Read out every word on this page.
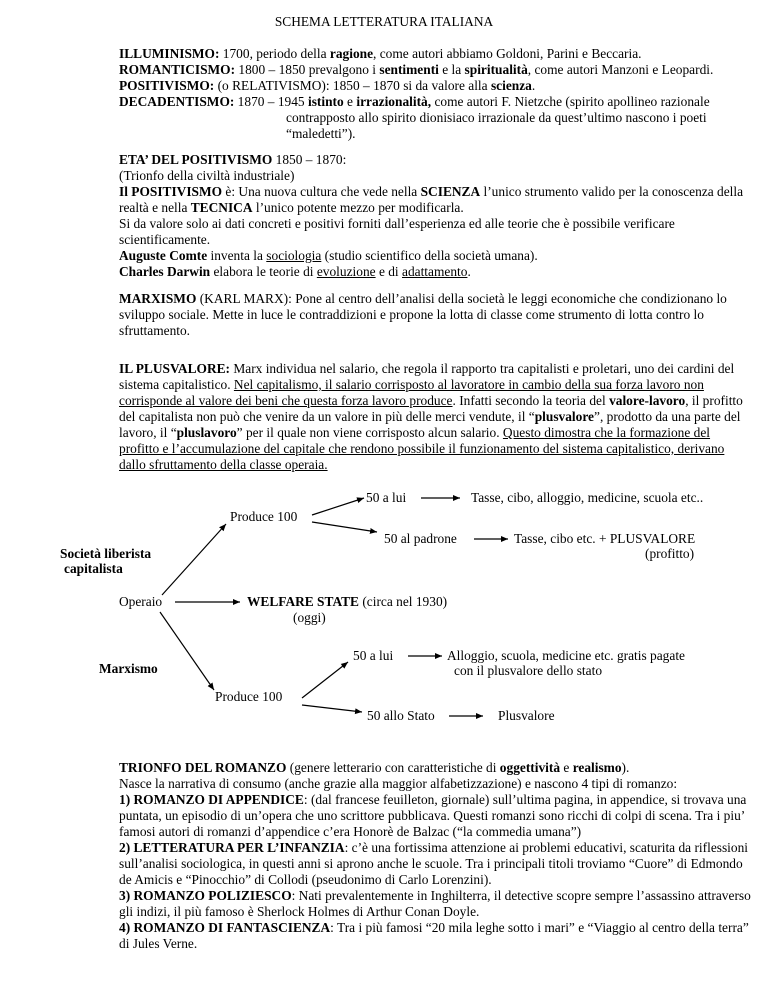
SCHEMA LETTERATURA ITALIANA

ILLUMINISMO: 1700, periodo della ragione, come autori abbiamo Goldoni, Parini e Beccaria.

ROMANTICISMO: 1800 – 1850 prevalgono i sentimenti e la spiritualità, come autori Manzoni e Leopardi.

POSITIVISMO: (o RELATIVISMO): 1850 – 1870 si da valore alla scienza.

DECADENTISMO: 1870 – 1945 istinto e irrazionalità, come autori F. Nietzche (spirito apollineo razionale

contrapposto allo spirito dionisiaco irrazionale da quest’ultimo nascono i poeti “maledetti”).

ETA’ DEL POSITIVISMO 1850 – 1870:

(Trionfo della civiltà industriale)

Il POSITIVISMO è: Una nuova cultura che vede nella SCIENZA l’unico strumento valido per la conoscenza della realtà e nella TECNICA l’unico potente mezzo per modificarla.

Si da valore solo ai dati concreti e positivi forniti dall’esperienza ed alle teorie che è possibile verificare scientificamente.

Auguste Comte inventa la sociologia (studio scientifico della società umana).

Charles Darwin elabora le teorie di evoluzione e di adattamento.

MARXISMO (KARL MARX): Pone al centro dell’analisi della società le leggi economiche che condizionano lo sviluppo sociale. Mette in luce le contraddizioni e propone la lotta di classe come strumento di lotta contro lo sfruttamento.

IL PLUSVALORE: Marx individua nel salario, che regola il rapporto tra capitalisti e proletari, uno dei cardini del sistema capitalistico. Nel capitalismo, il salario corrisposto al lavoratore in cambio della sua forza lavoro non corrisponde al valore dei beni che questa forza lavoro produce. Infatti secondo la teoria del valore-lavoro, il profitto del capitalista non può che venire da un valore in più delle merci vendute, il “plusvalore”, prodotto da una parte del lavoro, il “pluslavoro” per il quale non viene corrisposto alcun salario. Questo dimostra che la formazione del profitto e l’accumulazione del capitale che rendono possibile il funzionamento del sistema capitalistico, derivano dallo sfruttamento della classe operaia.

Produce 100
50 a lui	Tasse, cibo, alloggio, medicine, scuola etc..
50 al padrone	Tasse, cibo etc. + PLUSVALORE
(profitto)
Società liberista
capitalista
Operaio	WELFARE STATE (circa nel 1930)
(oggi)
Marxismo
50 a lui	Alloggio, scuola, medicine etc. gratis pagate
con il plusvalore dello stato
Produce 100
50 allo Stato	Plusvalore

TRIONFO DEL ROMANZO (genere letterario con caratteristiche di oggettività e realismo).

Nasce la narrativa di consumo (anche grazie alla maggior alfabetizzazione) e nascono 4 tipi di romanzo:

1) ROMANZO DI APPENDICE: (dal francese feuilleton, giornale) sull’ultima pagina, in appendice, si trovava una puntata, un episodio di un’opera che uno scrittore pubblicava. Questi romanzi sono ricchi di colpi di scena. Tra i piu’ famosi autori di romanzi d’appendice c’era Honorè de Balzac (“la commedia umana”)

2) LETTERATURA PER L’INFANZIA: c’è una fortissima attenzione ai problemi educativi, scaturita da riflessioni sull’analisi sociologica, in questi anni si aprono anche le scuole. Tra i principali titoli troviamo “Cuore” di Edmondo de Amicis e “Pinocchio” di Collodi (pseudonimo di Carlo Lorenzini).

3) ROMANZO POLIZIESCO: Nati prevalentemente in Inghilterra, il detective scopre sempre l’assassino attraverso gli indizi, il più famoso è Sherlock Holmes di Arthur Conan Doyle.

4) ROMANZO DI FANTASCIENZA: Tra i più famosi “20 mila leghe sotto i mari” e “Viaggio al centro della terra” di Jules Verne.
